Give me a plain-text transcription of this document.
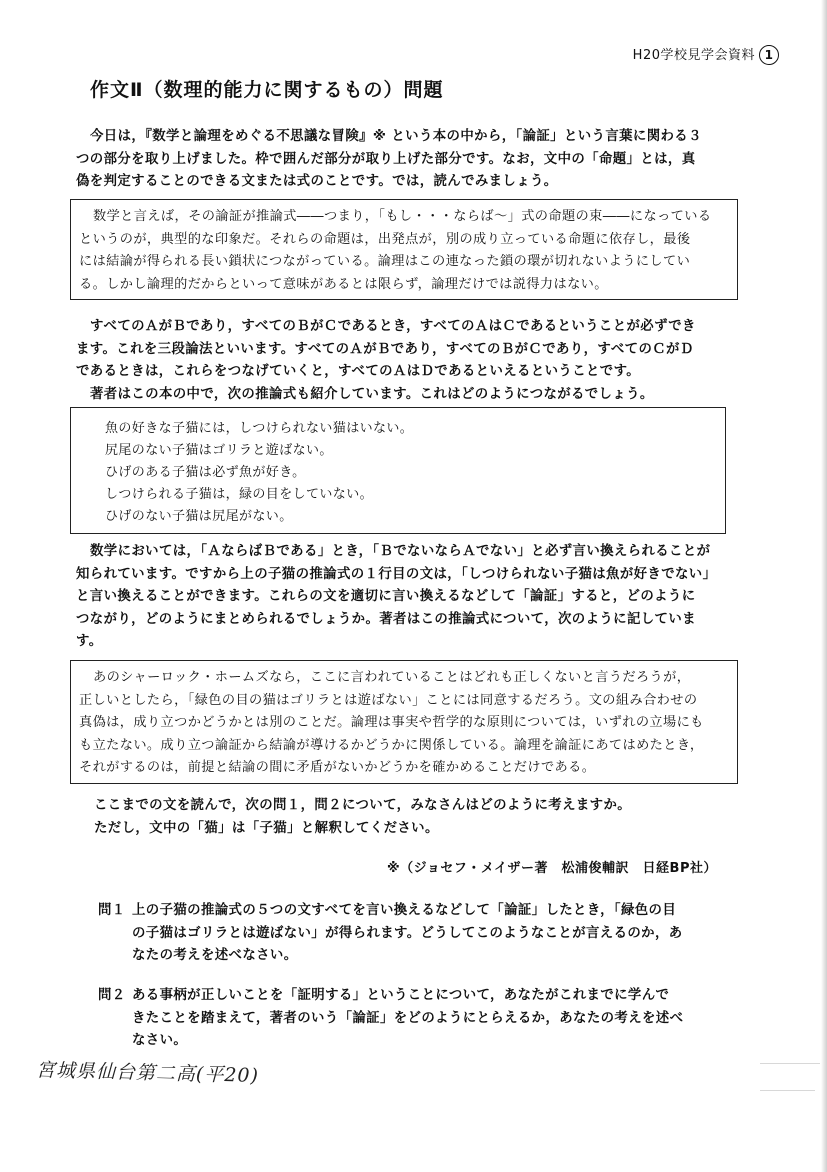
H20学校見学会資料 1
作文Ⅱ（数理的能力に関するもの）問題
今日は，『数学と論理をめぐる不思議な冒険』※ という本の中から，「論証」という言葉に関わる３
つの部分を取り上げました。枠で囲んだ部分が取り上げた部分です。なお，文中の「命題」とは，真
偽を判定することのできる文または式のことです。では，読んでみましょう。

数学と言えば，その論証が推論式――つまり，「もし・・・ならば～」式の命題の束――になっている

というのが，典型的な印象だ。それらの命題は，出発点が，別の成り立っている命題に依存し，最後

には結論が得られる長い鎖状につながっている。論理はこの連なった鎖の環が切れないようにしてい

る。しかし論理的だからといって意味があるとは限らず，論理だけでは説得力はない。

すべてのＡがＢであり，すべてのＢがＣであるとき，すべてのＡはＣであるということが必ずでき
ます。これを三段論法といいます。すべてのＡがＢであり，すべてのＢがＣであり，すべてのＣがＤ
であるときは，これらをつなげていくと，すべてのＡはＤであるといえるということです。
著者はこの本の中で，次の推論式も紹介しています。これはどのようにつながるでしょう。
魚の好きな子猫には，しつけられない猫はいない。
尻尾のない子猫はゴリラと遊ばない。
ひげのある子猫は必ず魚が好き。
しつけられる子猫は，緑の目をしていない。
ひげのない子猫は尻尾がない。
数学においては，「ＡならばＢである」とき，「ＢでないならＡでない」と必ず言い換えられることが
知られています。ですから上の子猫の推論式の１行目の文は，「しつけられない子猫は魚が好きでない」
と言い換えることができます。これらの文を適切に言い換えるなどして「論証」すると，どのように
つながり，どのようにまとめられるでしょうか。著者はこの推論式について，次のように記していま
す。

あのシャーロック・ホームズなら，ここに言われていることはどれも正しくないと言うだろうが，

正しいとしたら，「緑色の目の猫はゴリラとは遊ばない」ことには同意するだろう。文の組み合わせの

真偽は，成り立つかどうかとは別のことだ。論理は事実や哲学的な原則については，いずれの立場にも

も立たない。成り立つ論証から結論が導けるかどうかに関係している。論理を論証にあてはめたとき，

それがするのは，前提と結論の間に矛盾がないかどうかを確かめることだけである。

ここまでの文を読んで，次の問１，問２について，みなさんはどのように考えますか。
ただし，文中の「猫」は「子猫」と解釈してください。
※（ジョセフ・メイザー著　松浦俊輔訳　日経BP社）
問１ 上の子猫の推論式の５つの文すべてを言い換えるなどして「論証」したとき，「緑色の目
の子猫はゴリラとは遊ばない」が得られます。どうしてこのようなことが言えるのか，あ
なたの考えを述べなさい。
問２ ある事柄が正しいことを「証明する」ということについて，あなたがこれまでに学んで
きたことを踏まえて，著者のいう「論証」をどのようにとらえるか，あなたの考えを述べ
なさい。
宮城県仙台第二高(平20)
